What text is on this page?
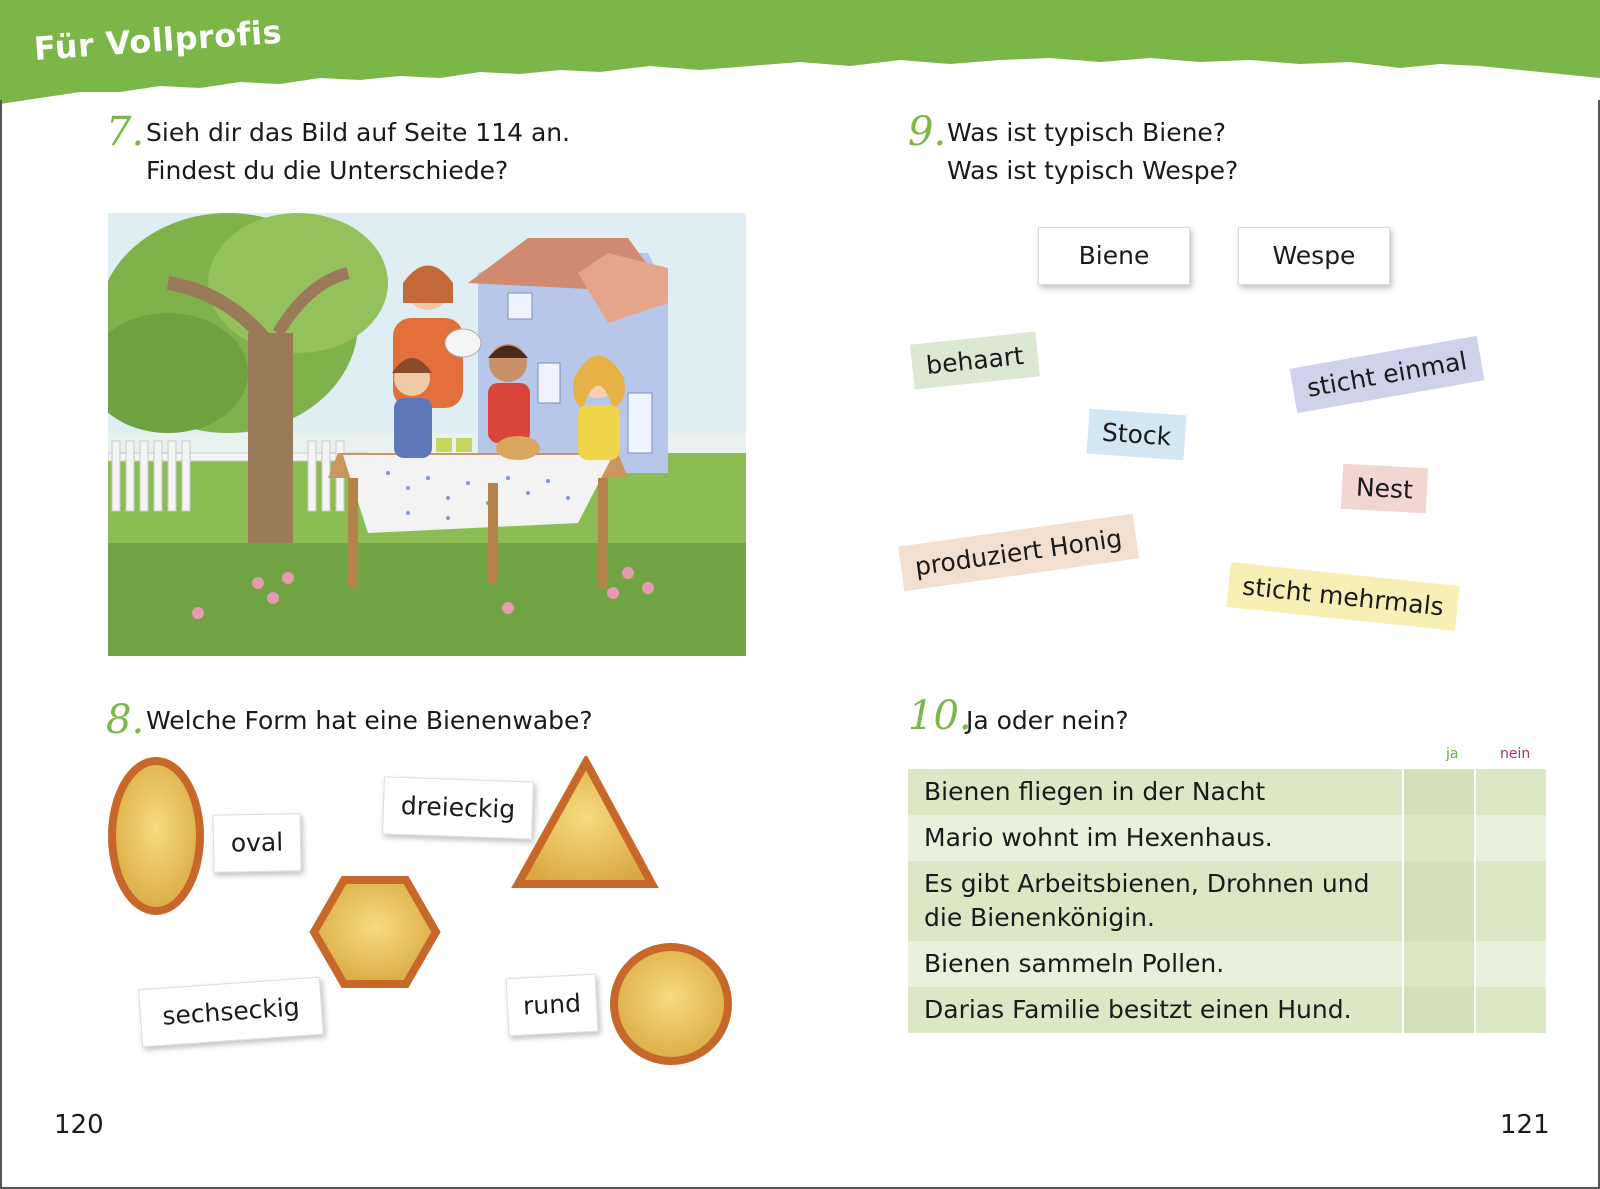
Für Vollprofis
7. Sieh dir das Bild auf Seite 114 an.
Findest du die Unterschiede?
8. Welche Form hat eine Bienenwabe?
oval
dreieckig
sechseckig	rund
9. Was ist typisch Biene?
Was ist typisch Wespe?
Biene	Wespe
behaart	sticht einmal
Stock
Nest
produziert Honig
sticht mehrmals
10.
Ja oder nein?
ja	nein
Bienen fliegen in der Nacht				
Mario wohnt im Hexenhaus.				
Es gibt Arbeitsbienen, Drohnen und die Bienenkönigin.				
Bienen sammeln Pollen.				
Darias Familie besitzt einen Hund.				
120	121
